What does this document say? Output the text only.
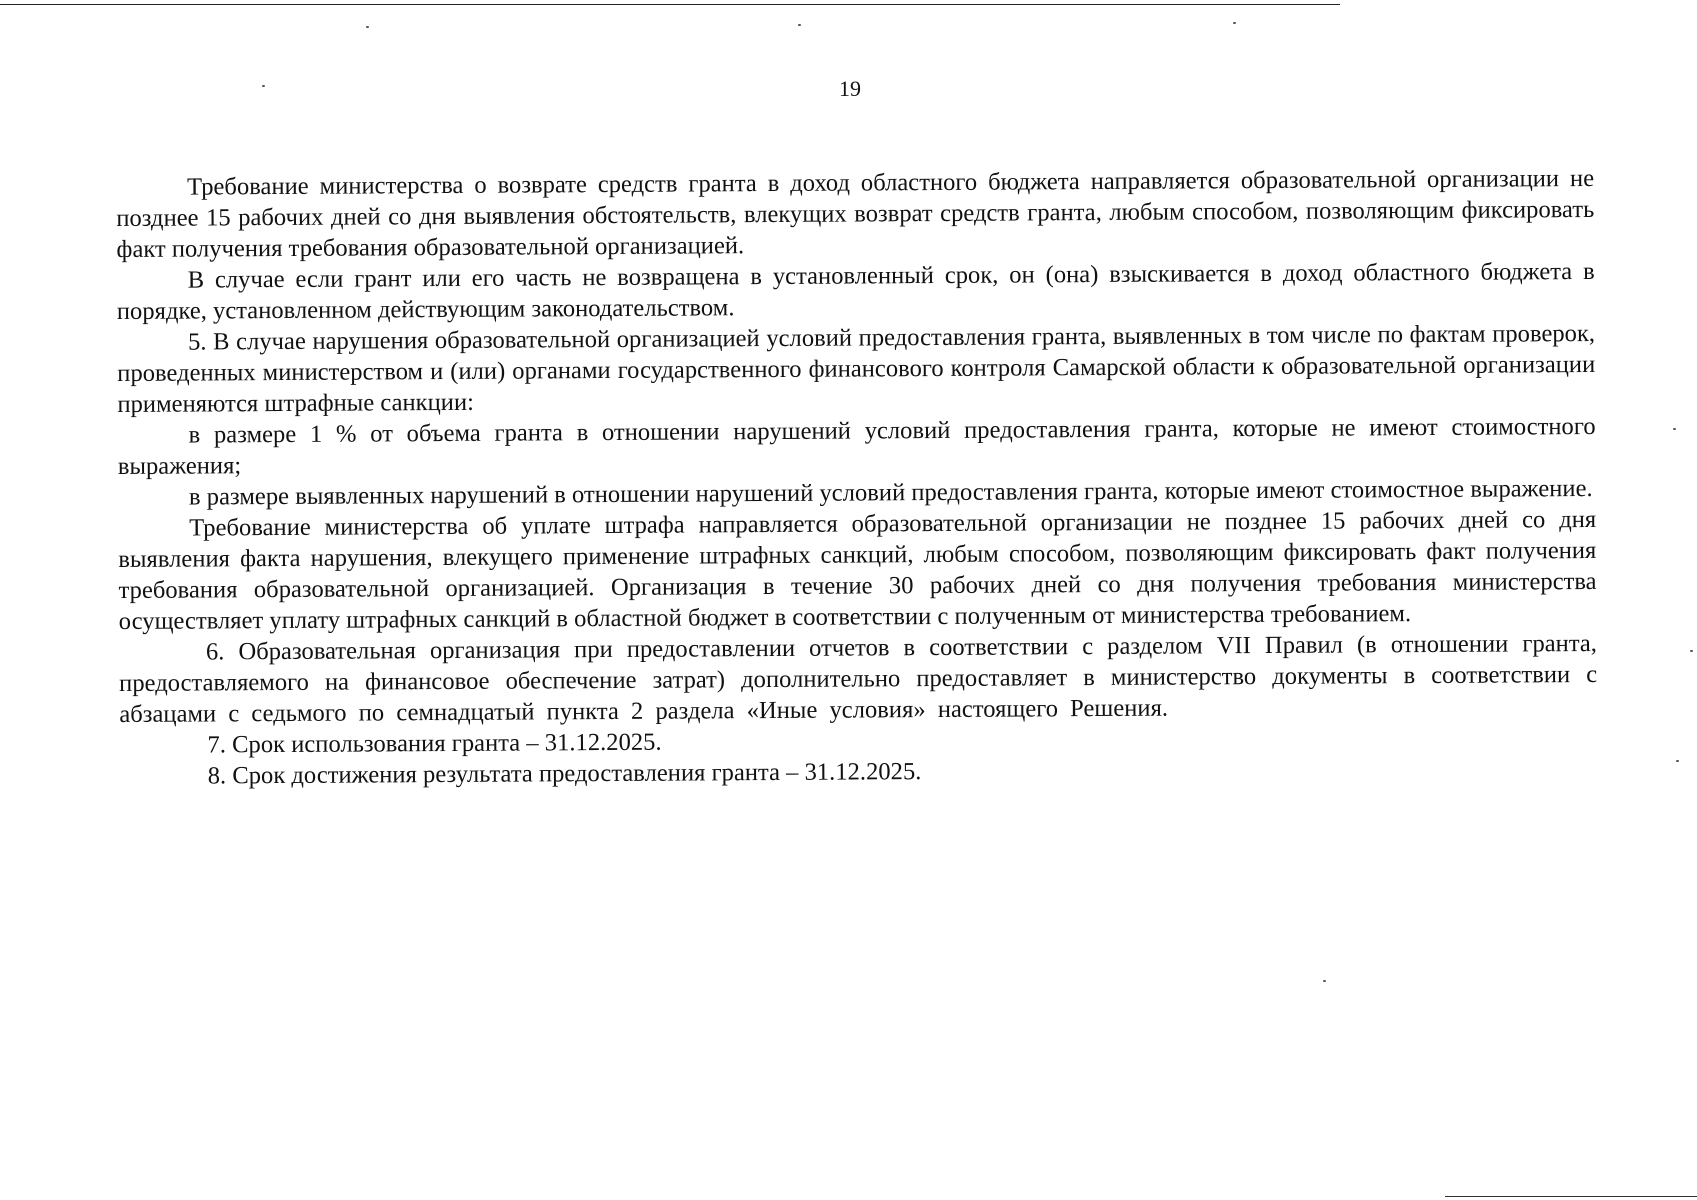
19

Требование министерства о возврате средств гранта в доход областного бюджета направляется образовательной организации не позднее 15 рабочих дней со дня выявления обстоятельств, влекущих возврат средств гранта, любым способом, позволяющим фиксировать факт получения требования образовательной организацией.

В случае если грант или его часть не возвращена в установленный срок, он (она) взыскивается в доход областного бюджета в порядке, установленном действующим законодательством.

5. В случае нарушения образовательной организацией условий предоставления гранта, выявленных в том числе по фактам проверок, проведенных министерством и (или) органами государственного финансового контроля Самарской области к образовательной организации применяются штрафные санкции:

в размере 1 % от объема гранта в отношении нарушений условий предоставления гранта, которые не имеют стоимостного выражения;

в размере выявленных нарушений в отношении нарушений условий предоставления гранта, которые имеют стоимостное выражение.

Требование министерства об уплате штрафа направляется образовательной организации не позднее 15 рабочих дней со дня выявления факта нарушения, влекущего применение штрафных санкций, любым способом, позволяющим фиксировать факт получения требования образовательной организацией. Организация в течение 30 рабочих дней со дня получения требования министерства осуществляет уплату штрафных санкций в областной бюджет в соответствии с полученным от министерства требованием.

6. Образовательная организация при предоставлении отчетов в соответствии с разделом VII Правил (в отношении гранта, предоставляемого на финансовое обеспечение затрат) дополнительно предоставляет в министерство документы в соответствии с абзацами с седьмого по семнадцатый пункта 2 раздела «Иные условия» настоящего Решения.

7. Срок использования гранта – 31.12.2025.

8. Срок достижения результата предоставления гранта – 31.12.2025.
